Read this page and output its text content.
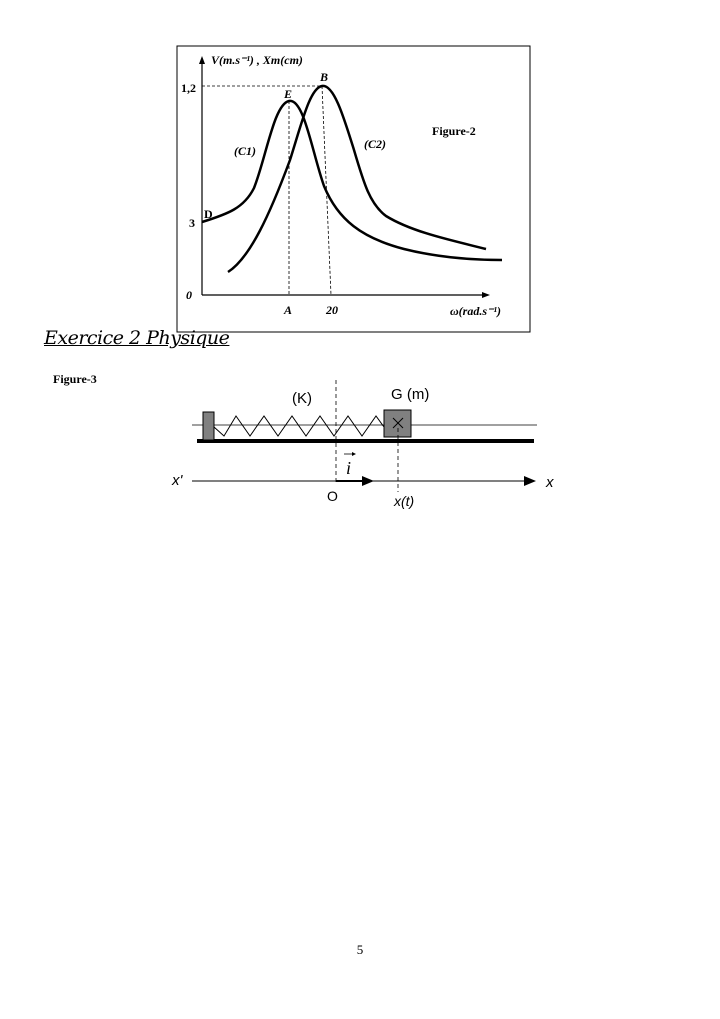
V(m.s⁻¹) , Xm(cm)
1,2
3
0
A	20	ω(rad.s⁻¹)
B
E
D
(C1)	(C2)
Figure-2
Exercice 2 Physique
Figure-3
(K)	G (m)
x'	x
O	x(t)
i
5
